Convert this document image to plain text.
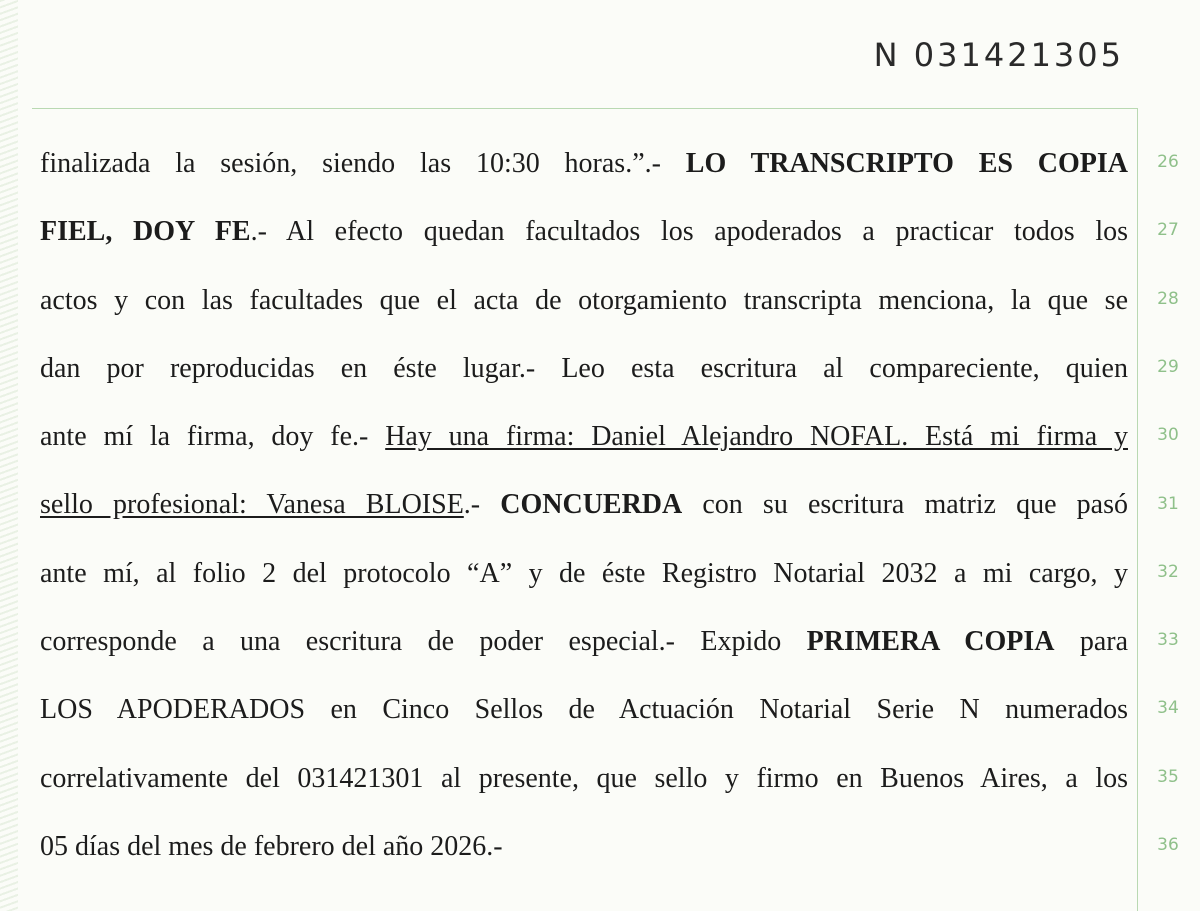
N 031421305
finalizada la sesión, siendo las 10:30 horas.”.- LO TRANSCRIPTO ES COPIA
FIEL, DOY FE.- Al efecto quedan facultados los apoderados a practicar todos los
actos y con las facultades que el acta de otorgamiento transcripta menciona, la que se
dan por reproducidas en éste lugar.- Leo esta escritura al compareciente, quien
ante mí la firma, doy fe.- Hay una firma: Daniel Alejandro NOFAL. Está mi firma y
sello profesional: Vanesa BLOISE.- CONCUERDA con su escritura matriz que pasó
ante mí, al folio 2 del protocolo “A” y de éste Registro Notarial 2032 a mi cargo, y
corresponde a una escritura de poder especial.- Expido PRIMERA COPIA para
LOS APODERADOS en Cinco Sellos de Actuación Notarial Serie N numerados
correlativamente del 031421301 al presente, que sello y firmo en Buenos Aires, a los
05 días del mes de febrero del año 2026.-
26
27
28
29
30
31
32
33
34
35
36
